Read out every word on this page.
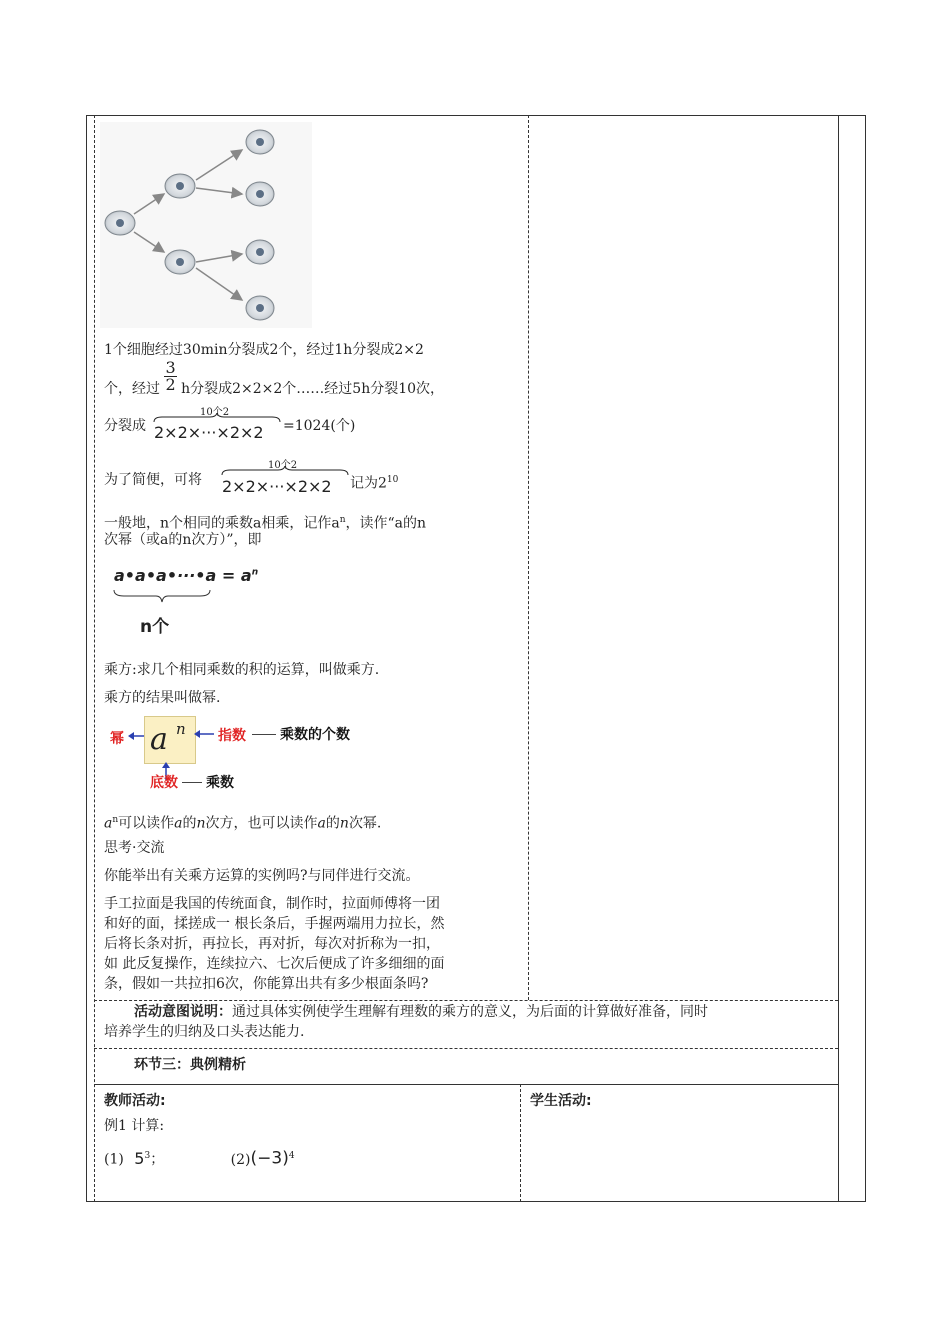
1个细胞经过30min分裂成2个，经过1h分裂成2×2
个，经过 $\frac{3}{2}$ h分裂成2×2×2个……经过5h分裂10次，
分裂成
10个2
2×2×···×2×2 =1024(个)
为了简便，可将
10个2
2×2×···×2×2 记为$2^{10}$
一般地，n个相同的乘数a相乘，记作$a^n$，读作“a的n
次幂（或a的n次方）”，即
a•a•a•···•a = $a^n$
n个
乘方:求几个相同乘数的积的运算，叫做乘方.
乘方的结果叫做幂.
幂 a n 指数 乘数的个数
底数 乘数
$a^n$可以读作a的n次方，也可以读作a的n次幂.
思考·交流
你能举出有关乘方运算的实例吗?与同伴进行交流。
手工拉面是我国的传统面食，制作时，拉面师傅将一团
和好的面，揉搓成一 根长条后，手握两端用力拉长，然
后将长条对折，再拉长，再对折，每次对折称为一扣，
如 此反复操作，连续拉六、七次后便成了许多细细的面
条，假如一共拉扣6次，你能算出共有多少根面条吗?
活动意图说明：通过具体实例使学生理解有理数的乘方的意义，为后面的计算做好准备，同时
培养学生的归纳及口头表达能力.
环节三：典例精析
教师活动:
例1 计算:
(1) $5^3$；	$(2)(-3)^4$
学生活动:
